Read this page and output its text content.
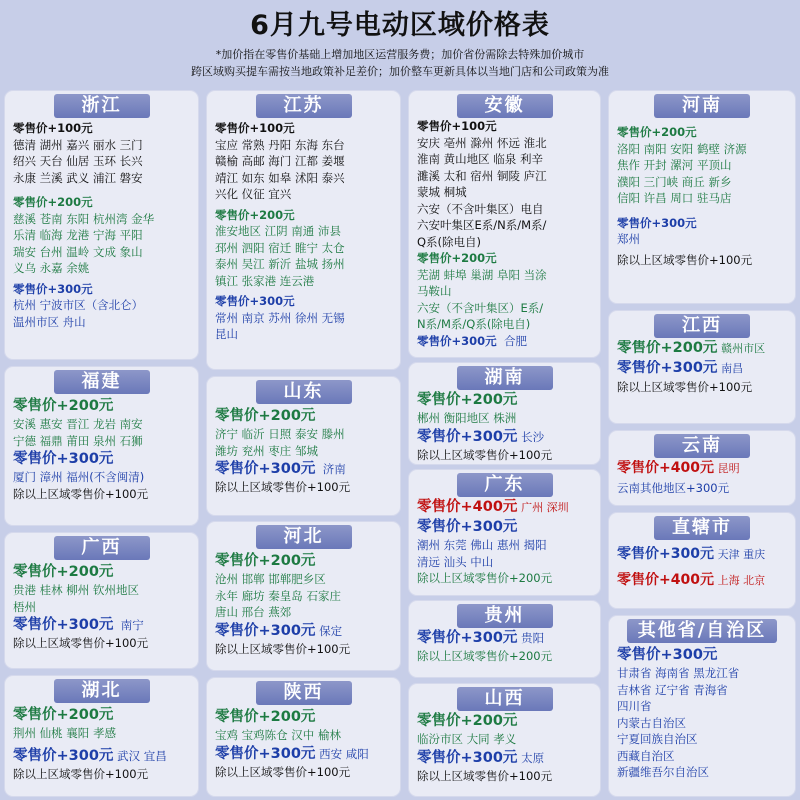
6月九号电动区域价格表
*加价指在零售价基础上增加地区运营服务费；加价省份需除去特殊加价城市
跨区域购买提车需按当地政策补足差价；加价整车更新具体以当地门店和公司政策为准
浙江
零售价+100元
德清 湖州 嘉兴 丽水 三门
绍兴 天台 仙居 玉环 长兴
永康 兰溪 武义 浦江 磐安
零售价+200元
慈溪 苍南 东阳 杭州湾 金华
乐清 临海 龙港 宁海 平阳
瑞安 台州 温岭 文成 象山
义乌 永嘉 余姚
零售价+300元
杭州 宁波市区（含北仑）
温州市区 舟山
福建
零售价+200元
安溪 惠安 晋江 龙岩 南安
宁德 福鼎 莆田 泉州 石狮
零售价+300元
厦门 漳州 福州(不含闽清)
除以上区域零售价+100元
广西
零售价+200元
贵港 桂林 柳州 钦州地区
梧州
零售价+300元 南宁
除以上区域零售价+100元
湖北
零售价+200元
荆州 仙桃 襄阳 孝感
零售价+300元 武汉 宜昌
除以上区域零售价+100元
江苏
零售价+100元
宝应 常熟 丹阳 东海 东台
赣榆 高邮 海门 江都 姜堰
靖江 如东 如皋 沭阳 泰兴
兴化 仪征 宜兴
零售价+200元
淮安地区 江阴 南通 沛县
邳州 泗阳 宿迁 睢宁 太仓
泰州 吴江 新沂 盐城 扬州
镇江 张家港 连云港
零售价+300元
常州 南京 苏州 徐州 无锡
昆山
山东
零售价+200元
济宁 临沂 日照 泰安 滕州
潍坊 兖州 枣庄 邹城
零售价+300元 济南
除以上区域零售价+100元
河北
零售价+200元
沧州 邯郸 邯郸肥乡区
永年 廊坊 秦皇岛 石家庄
唐山 邢台 燕郊
零售价+300元 保定
除以上区域零售价+100元
陕西
零售价+200元
宝鸡 宝鸡陈仓 汉中 榆林
零售价+300元 西安 咸阳
除以上区域零售价+100元
安徽
零售价+100元
安庆 亳州 滁州 怀远 淮北
淮南 黄山地区 临泉 利辛
濉溪 太和 宿州 铜陵 庐江
蒙城 桐城
六安（不含叶集区）电自
六安叶集区E系/N系/M系/
Q系(除电自)
零售价+200元
芜湖 蚌埠 巢湖 阜阳 当涂
马鞍山
六安（不含叶集区）E系/
N系/M系/Q系(除电自)
零售价+300元 合肥
湖南
零售价+200元
郴州 衡阳地区 株洲
零售价+300元 长沙
除以上区域零售价+100元
广东
零售价+400元 广州 深圳
零售价+300元
潮州 东莞 佛山 惠州 揭阳
清远 汕头 中山
除以上区域零售价+200元
贵州
零售价+300元 贵阳
除以上区域零售价+200元
山西
零售价+200元
临汾市区 大同 孝义
零售价+300元 太原
除以上区域零售价+100元
河南
零售价+200元
洛阳 南阳 安阳 鹤壁 济源
焦作 开封 漯河 平顶山
濮阳 三门峡 商丘 新乡
信阳 许昌 周口 驻马店
零售价+300元
郑州
除以上区域零售价+100元
江西
零售价+200元 赣州市区
零售价+300元 南昌
除以上区域零售价+100元
云南
零售价+400元 昆明
云南其他地区+300元
直辖市
零售价+300元 天津 重庆
零售价+400元 上海 北京
其他省/自治区
零售价+300元
甘肃省 海南省 黑龙江省
吉林省 辽宁省 青海省
四川省
内蒙古自治区
宁夏回族自治区
西藏自治区
新疆维吾尔自治区
